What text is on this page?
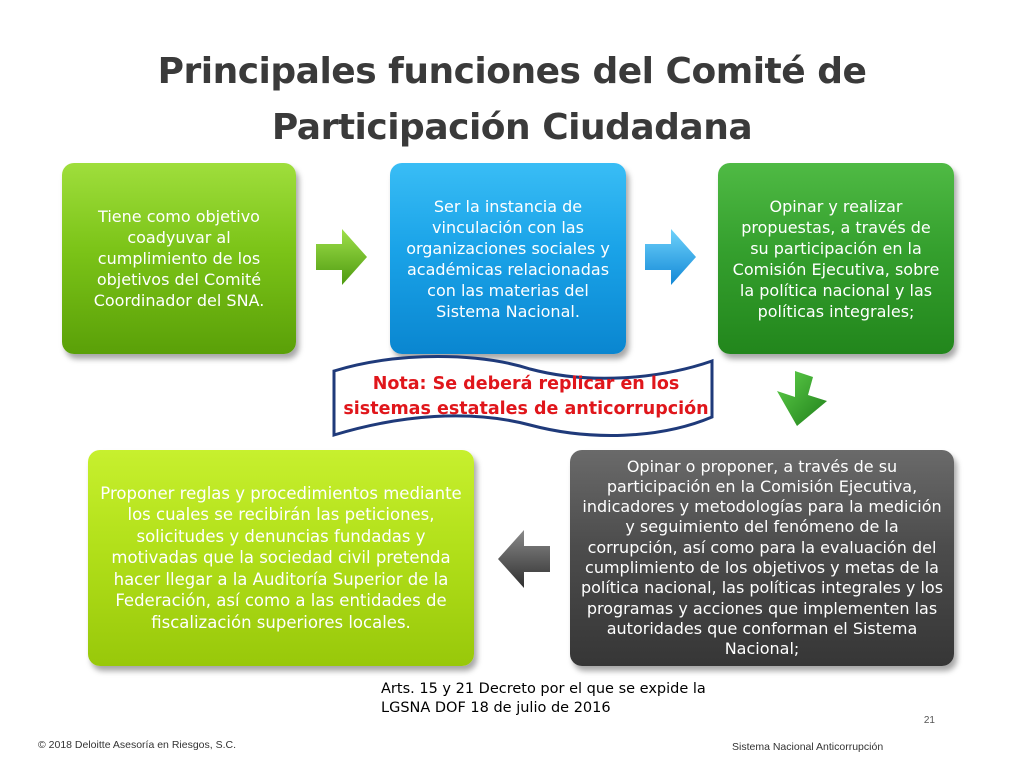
Principales funciones del Comité de
Participación Ciudadana
Tiene como objetivo coadyuvar al cumplimiento de los objetivos del Comité Coordinador del SNA.
Ser la instancia de vinculación con las organizaciones sociales y académicas relacionadas con las materias del Sistema Nacional.
Opinar y realizar propuestas, a través de su participación en la Comisión Ejecutiva, sobre la política nacional y las políticas integrales;
Opinar o proponer, a través de su participación en la Comisión Ejecutiva, indicadores y metodologías para la medición y seguimiento del fenómeno de la corrupción, así como para la evaluación del cumplimiento de los objetivos y metas de la política nacional, las políticas integrales y los programas y acciones que implementen las autoridades que conforman el Sistema Nacional;
Proponer reglas y procedimientos mediante los cuales se recibirán las peticiones, solicitudes y denuncias fundadas y motivadas que la sociedad civil pretenda hacer llegar a la Auditoría Superior de la Federación, así como a las entidades de fiscalización superiores locales.
Nota: Se deberá replicar en los sistemas estatales de anticorrupción
Arts. 15 y 21 Decreto por el que se expide la
LGSNA DOF 18 de julio de 2016
21
© 2018 Deloitte Asesoría en Riesgos, S.C.	Sistema Nacional Anticorrupción
